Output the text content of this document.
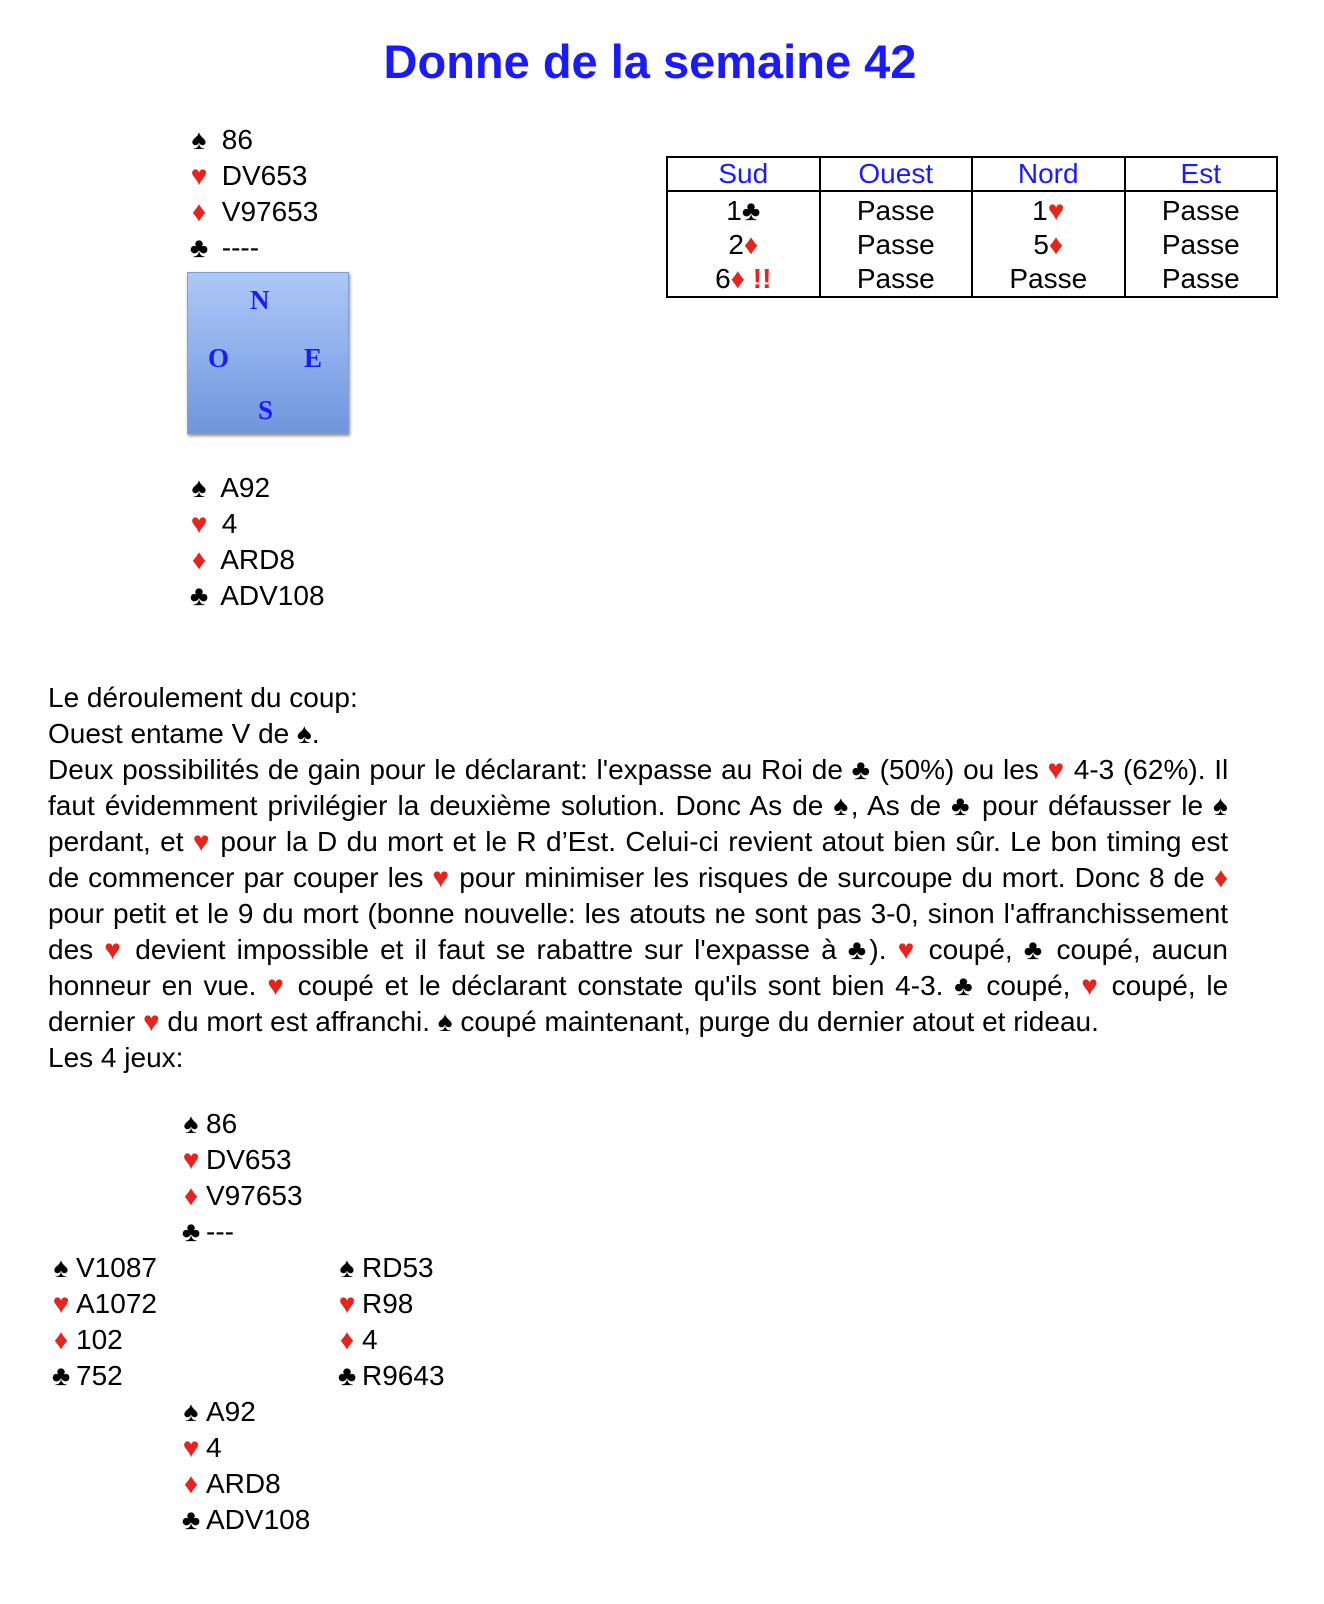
Donne de la semaine 42
♠ 86
♥ DV653
♦ V97653
♣ ----
N
O	E
S
♠ A92
♥ 4
♦ ARD8
♣ ADV108
Sud	Ouest	Nord	Est
1♣	Passe	1♥	Passe
2♦	Passe	5♦	Passe
6♦ !!	Passe	Passe	Passe

Le déroulement du coup:

Ouest entame V de ♠.

Deux possibilités de gain pour le déclarant: l'expasse au Roi de ♣ (50%) ou les ♥ 4-3 (62%). Il faut évidemment privilégier la deuxième solution. Donc As de ♠, As de ♣ pour défausser le ♠ perdant, et ♥ pour la D du mort et le R d’Est. Celui-ci revient atout bien sûr. Le bon timing est de commencer par couper les ♥ pour minimiser les risques de surcoupe du mort. Donc 8 de ♦ pour petit et le 9 du mort (bonne nouvelle: les atouts ne sont pas 3-0, sinon l'affranchissement des ♥ devient impossible et il faut se rabattre sur l'expasse à ♣). ♥ coupé, ♣ coupé, aucun honneur en vue. ♥ coupé et le déclarant constate qu'ils sont bien 4-3. ♣ coupé, ♥ coupé, le dernier ♥ du mort est affranchi. ♠ coupé maintenant, purge du dernier atout et rideau.

Les 4 jeux:

♠ 86
♥ DV653
♦ V97653
♣ ---
♠ V1087
♥ A1072
♦ 102
♣ 752
♠ RD53
♥ R98
♦ 4
♣ R9643
♠ A92
♥ 4
♦ ARD8
♣ ADV108
